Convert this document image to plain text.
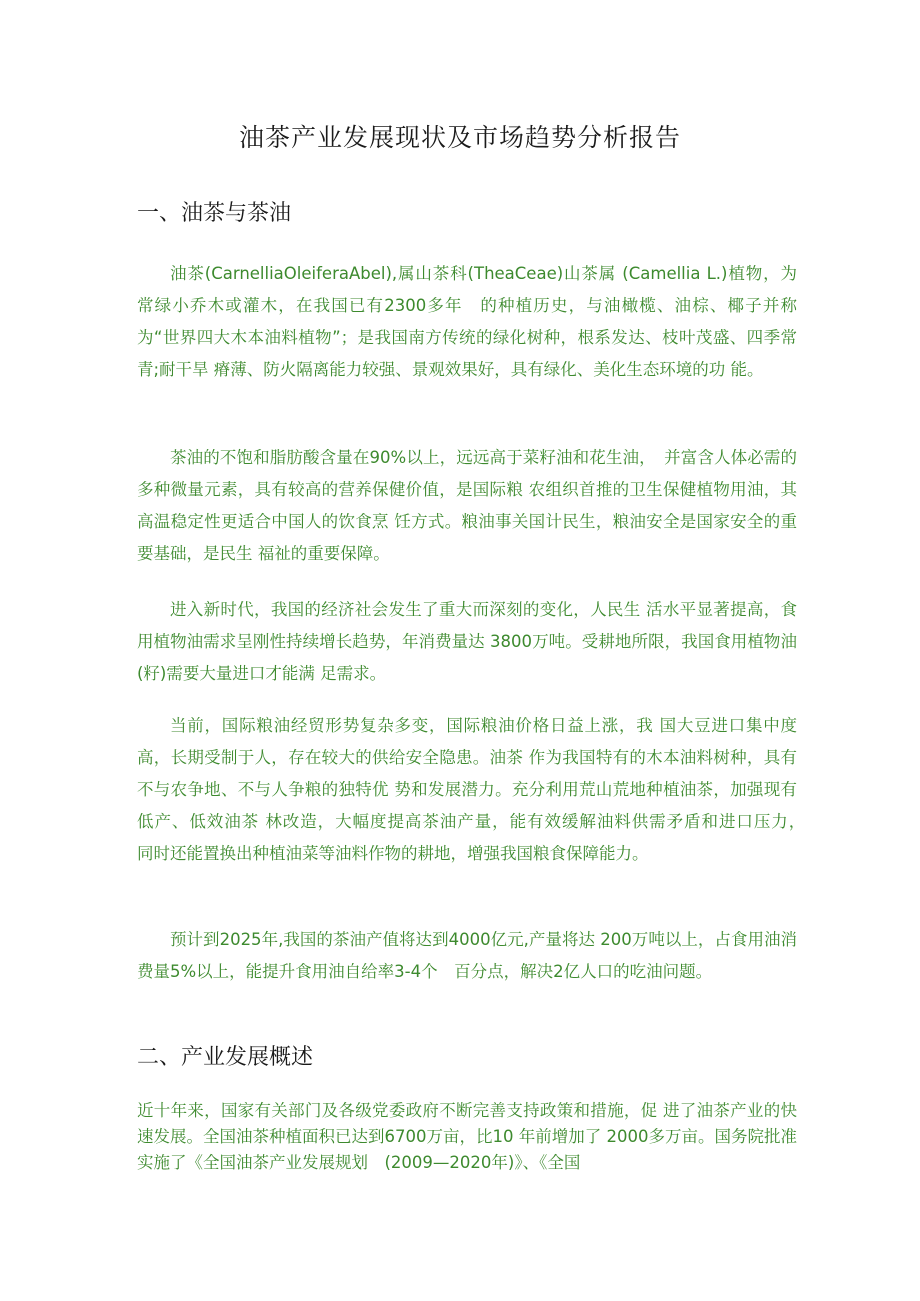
油茶产业发展现状及市场趋势分析报告
一、油茶与茶油

油茶(CarnelliaOleiferaAbel),属山茶科(TheaCeae)山茶属 (Camellia L.)植物，为常绿小乔木或灌木，在我国已有2300多年　的种植历史，与油橄榄、油棕、椰子并称为“世界四大木本油料植物”；是我国南方传统的绿化树种，根系发达、枝叶茂盛、四季常青;耐干旱 瘠薄、防火隔离能力较强、景观效果好，具有绿化、美化生态环境的功 能。

茶油的不饱和脂肪酸含量在90%以上，远远高于菜籽油和花生油，　并富含人体必需的多种微量元素，具有较高的营养保健价值，是国际粮 农组织首推的卫生保健植物用油，其高温稳定性更适合中国人的饮食烹 饪方式。粮油事关国计民生，粮油安全是国家安全的重要基础，是民生 福祉的重要保障。

进入新时代，我国的经济社会发生了重大而深刻的变化，人民生 活水平显著提高，食用植物油需求呈刚性持续增长趋势，年消费量达 3800万吨。受耕地所限，我国食用植物油(籽)需要大量进口才能满 足需求。

当前，国际粮油经贸形势复杂多变，国际粮油价格日益上涨，我 国大豆进口集中度高，长期受制于人，存在较大的供给安全隐患。油茶 作为我国特有的木本油料树种，具有不与农争地、不与人争粮的独特优 势和发展潜力。充分利用荒山荒地种植油茶，加强现有低产、低效油茶 林改造，大幅度提高茶油产量，能有效缓解油料供需矛盾和进口压力，　 同时还能置换出种植油菜等油料作物的耕地，增强我国粮食保障能力。

预计到2025年,我国的茶油产值将达到4000亿元,产量将达 200万吨以上，占食用油消费量5%以上，能提升食用油自给率3-4个　百分点，解决2亿人口的吃油问题。

二、产业发展概述

近十年来，国家有关部门及各级党委政府不断完善支持政策和措施，促 进了油茶产业的快速发展。全国油茶种植面积已达到6700万亩，比10 年前增加了 2000多万亩。国务院批准实施了《全国油茶产业发展规划　(2009—2020年)》、《全国
